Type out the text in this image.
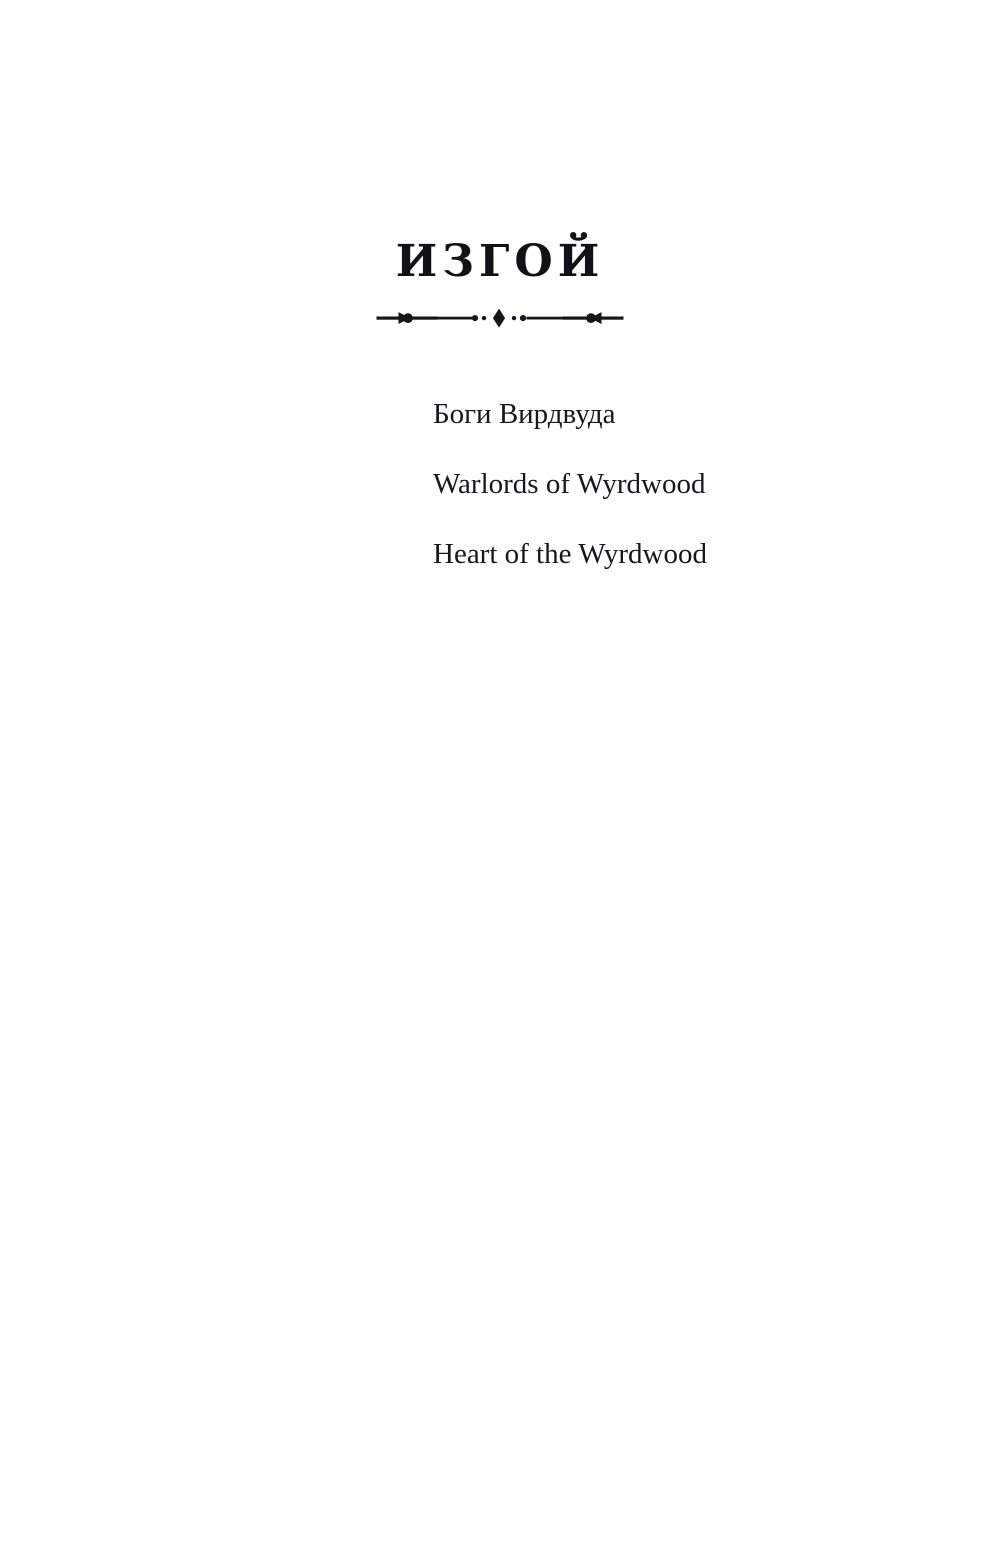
ИЗГОЙ
Боги Вирдвуда
Warlords of Wyrdwood
Heart of the Wyrdwood
